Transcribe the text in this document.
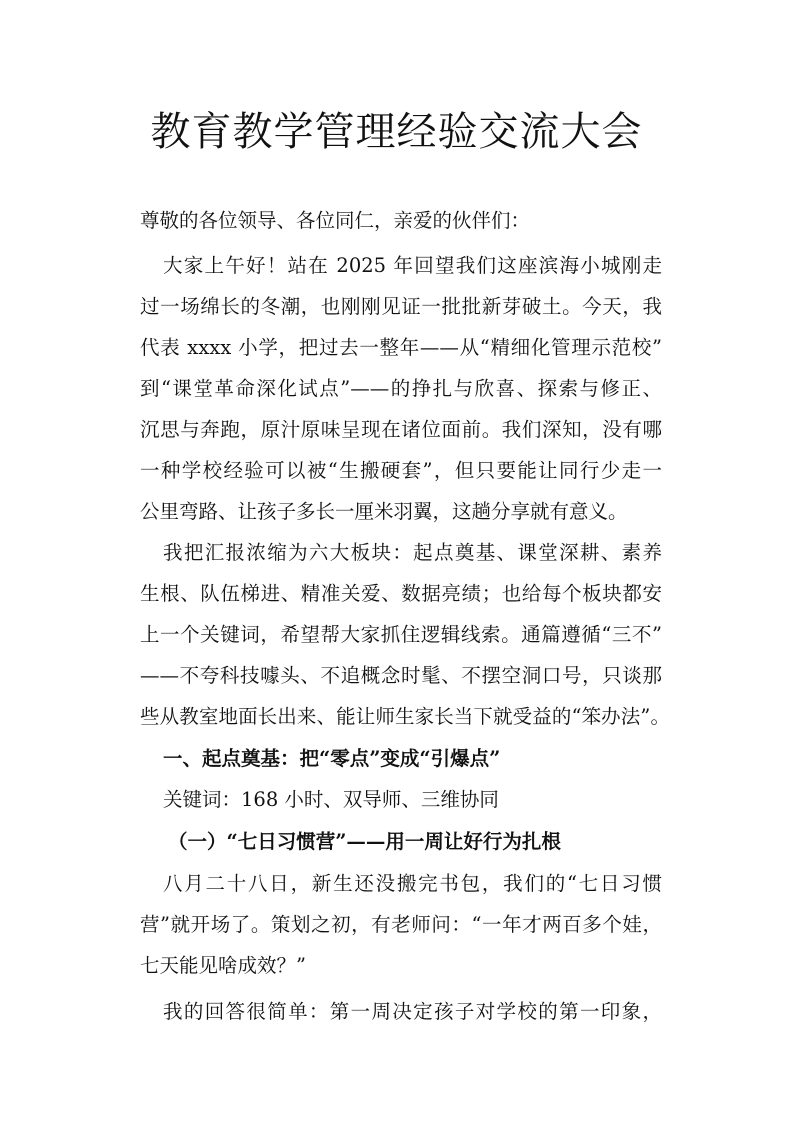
教育教学管理经验交流大会
尊敬的各位领导、各位同仁，亲爱的伙伴们：
大家上午好！站在 2025 年回望我们这座滨海小城刚走
过一场绵长的冬潮，也刚刚见证一批批新芽破土。今天，我
代表 xxxx 小学，把过去一整年——从“精细化管理示范校”
到“课堂革命深化试点”——的挣扎与欣喜、探索与修正、
沉思与奔跑，原汁原味呈现在诸位面前。我们深知，没有哪
一种学校经验可以被“生搬硬套”，但只要能让同行少走一
公里弯路、让孩子多长一厘米羽翼，这趟分享就有意义。
我把汇报浓缩为六大板块：起点奠基、课堂深耕、素养
生根、队伍梯进、精准关爱、数据亮绩；也给每个板块都安
上一个关键词，希望帮大家抓住逻辑线索。通篇遵循“三不”
——不夸科技噱头、不追概念时髦、不摆空洞口号，只谈那
些从教室地面长出来、能让师生家长当下就受益的“笨办法”。
一、起点奠基：把“零点”变成“引爆点”
关键词：168 小时、双导师、三维协同
（一）“七日习惯营”——用一周让好行为扎根
八月二十八日，新生还没搬完书包，我们的“七日习惯
营”就开场了。策划之初，有老师问：“一年才两百多个娃，
七天能见啥成效？”
我的回答很简单：第一周决定孩子对学校的第一印象，
